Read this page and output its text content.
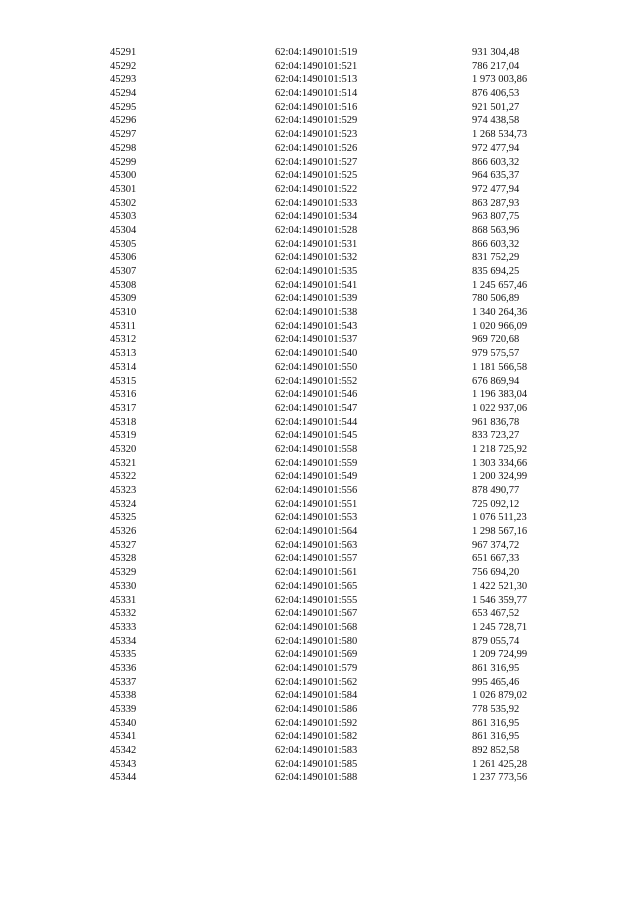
45291	62:04:1490101:519	931 304,48
45292	62:04:1490101:521	786 217,04
45293	62:04:1490101:513	1 973 003,86
45294	62:04:1490101:514	876 406,53
45295	62:04:1490101:516	921 501,27
45296	62:04:1490101:529	974 438,58
45297	62:04:1490101:523	1 268 534,73
45298	62:04:1490101:526	972 477,94
45299	62:04:1490101:527	866 603,32
45300	62:04:1490101:525	964 635,37
45301	62:04:1490101:522	972 477,94
45302	62:04:1490101:533	863 287,93
45303	62:04:1490101:534	963 807,75
45304	62:04:1490101:528	868 563,96
45305	62:04:1490101:531	866 603,32
45306	62:04:1490101:532	831 752,29
45307	62:04:1490101:535	835 694,25
45308	62:04:1490101:541	1 245 657,46
45309	62:04:1490101:539	780 506,89
45310	62:04:1490101:538	1 340 264,36
45311	62:04:1490101:543	1 020 966,09
45312	62:04:1490101:537	969 720,68
45313	62:04:1490101:540	979 575,57
45314	62:04:1490101:550	1 181 566,58
45315	62:04:1490101:552	676 869,94
45316	62:04:1490101:546	1 196 383,04
45317	62:04:1490101:547	1 022 937,06
45318	62:04:1490101:544	961 836,78
45319	62:04:1490101:545	833 723,27
45320	62:04:1490101:558	1 218 725,92
45321	62:04:1490101:559	1 303 334,66
45322	62:04:1490101:549	1 200 324,99
45323	62:04:1490101:556	878 490,77
45324	62:04:1490101:551	725 092,12
45325	62:04:1490101:553	1 076 511,23
45326	62:04:1490101:564	1 298 567,16
45327	62:04:1490101:563	967 374,72
45328	62:04:1490101:557	651 667,33
45329	62:04:1490101:561	756 694,20
45330	62:04:1490101:565	1 422 521,30
45331	62:04:1490101:555	1 546 359,77
45332	62:04:1490101:567	653 467,52
45333	62:04:1490101:568	1 245 728,71
45334	62:04:1490101:580	879 055,74
45335	62:04:1490101:569	1 209 724,99
45336	62:04:1490101:579	861 316,95
45337	62:04:1490101:562	995 465,46
45338	62:04:1490101:584	1 026 879,02
45339	62:04:1490101:586	778 535,92
45340	62:04:1490101:592	861 316,95
45341	62:04:1490101:582	861 316,95
45342	62:04:1490101:583	892 852,58
45343	62:04:1490101:585	1 261 425,28
45344	62:04:1490101:588	1 237 773,56
